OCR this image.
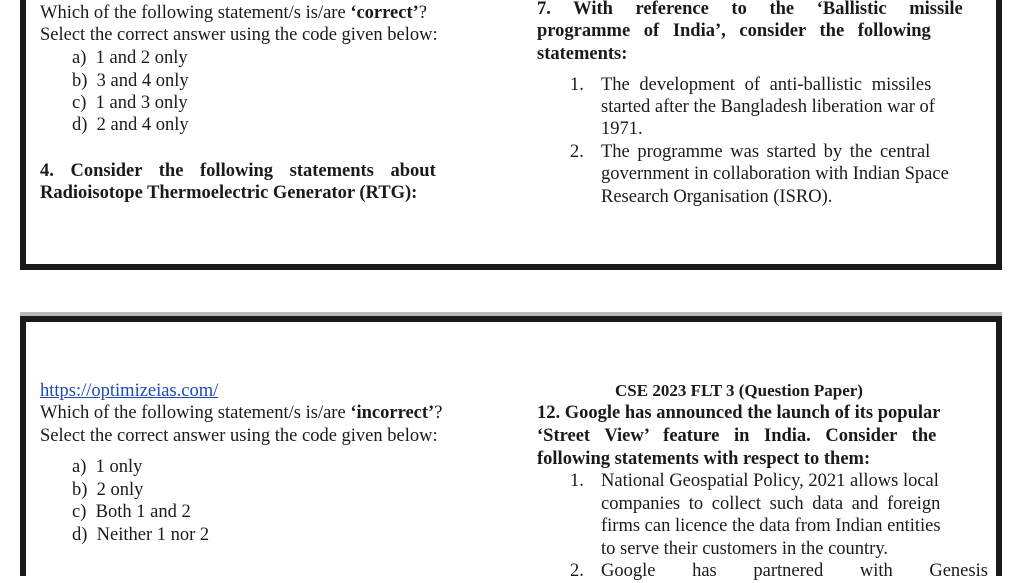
Which of the following statement/s is/are ‘correct’?
Select the correct answer using the code given below:
a) 1 and 2 only
b) 3 and 4 only
c) 1 and 3 only
d) 2 and 4 only
4. Consider the following statements about
Radioisotope Thermoelectric Generator (RTG):
7. With reference to the ‘Ballistic missile
programme of India’, consider the following
statements:
1. The development of anti-ballistic missiles
started after the Bangladesh liberation war of
1971.
2. The programme was started by the central
government in collaboration with Indian Space
Research Organisation (ISRO).
https://optimizeias.com/
Which of the following statement/s is/are ‘incorrect’?
Select the correct answer using the code given below:
a) 1 only
b) 2 only
c) Both 1 and 2
d) Neither 1 nor 2
CSE 2023 FLT 3 (Question Paper)
12. Google has announced the launch of its popular
‘Street View’ feature in India. Consider the
following statements with respect to them:
1. National Geospatial Policy, 2021 allows local
companies to collect such data and foreign
firms can licence the data from Indian entities
to serve their customers in the country.
2. Google has partnered with Genesis
